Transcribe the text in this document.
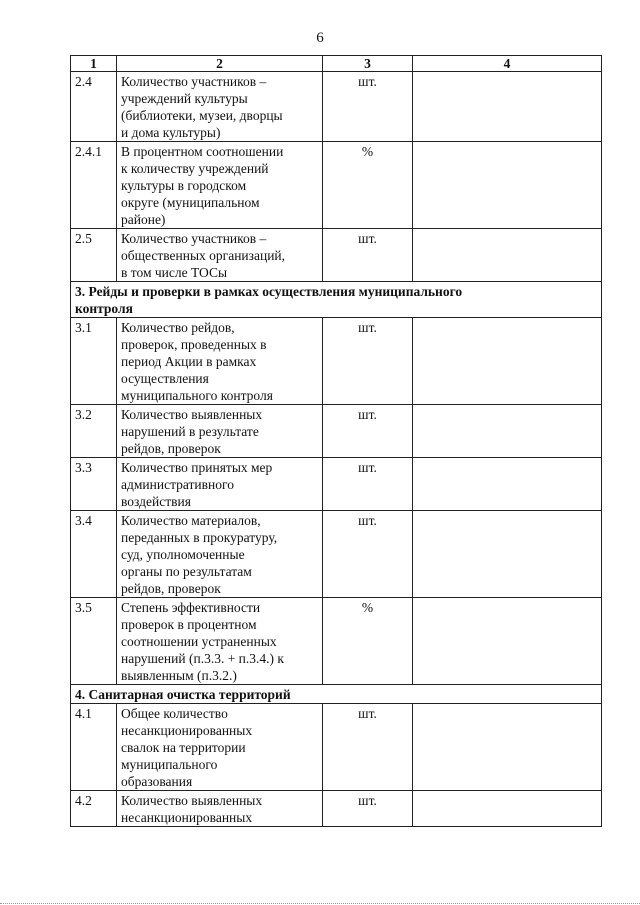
6
1	2	3	4
2.4	Количество участников –
учреждений культуры
(библиотеки, музеи, дворцы
и дома культуры)	шт.	
2.4.1	В процентном соотношении
к количеству учреждений
культуры в городском
округе (муниципальном
районе)	%	
2.5	Количество участников –
общественных организаций,
в том числе ТОСы	шт.	
3. Рейды и проверки в рамках осуществления муниципального
контроля			
3.1	Количество рейдов,
проверок, проведенных в
период Акции в рамках
осуществления
муниципального контроля	шт.	
3.2	Количество выявленных
нарушений в результате
рейдов, проверок	шт.	
3.3	Количество принятых мер
административного
воздействия	шт.	
3.4	Количество материалов,
переданных в прокуратуру,
суд, уполномоченные
органы по результатам
рейдов, проверок	шт.	
3.5	Степень эффективности
проверок в процентном
соотношении устраненных
нарушений (п.3.3. + п.3.4.) к
выявленным (п.3.2.)	%	
4. Санитарная очистка территорий			
4.1	Общее количество
несанкционированных
свалок на территории
муниципального
образования	шт.	
4.2	Количество выявленных
несанкционированных	шт.	
